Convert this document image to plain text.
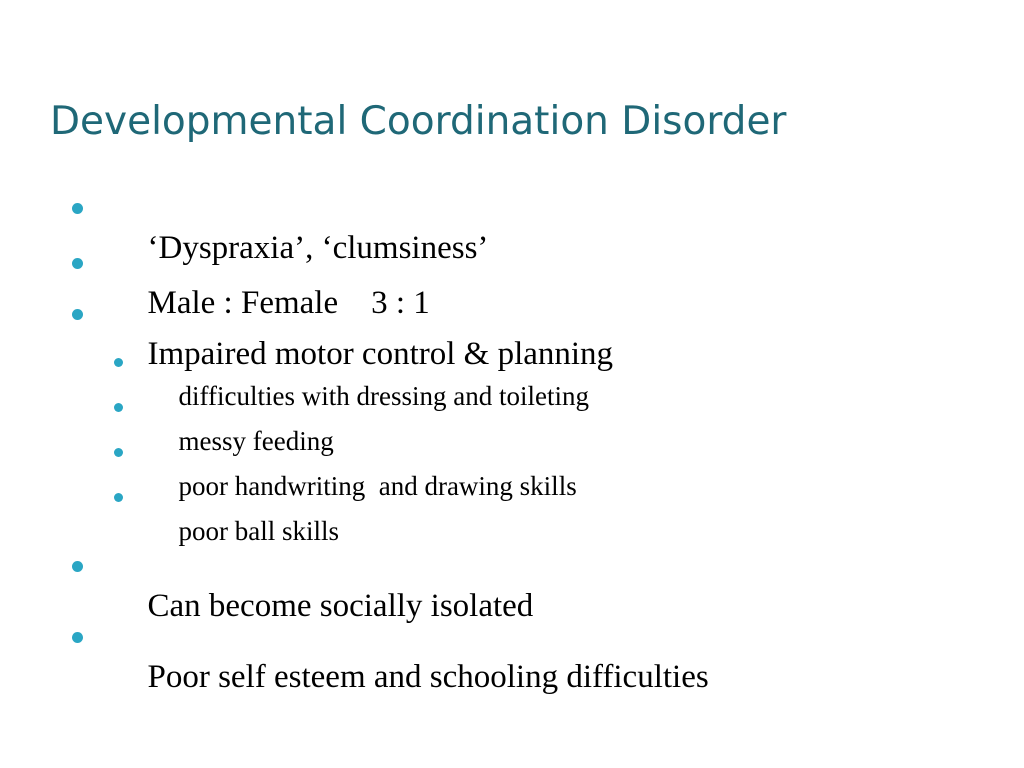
Developmental Coordination Disorder

‘Dyspraxia’, ‘clumsiness’

Male : Female    3 : 1

Impaired motor control & planning

difficulties with dressing and toileting

messy feeding

poor handwriting  and drawing skills

poor ball skills

Can become socially isolated

Poor self esteem and schooling difficulties
